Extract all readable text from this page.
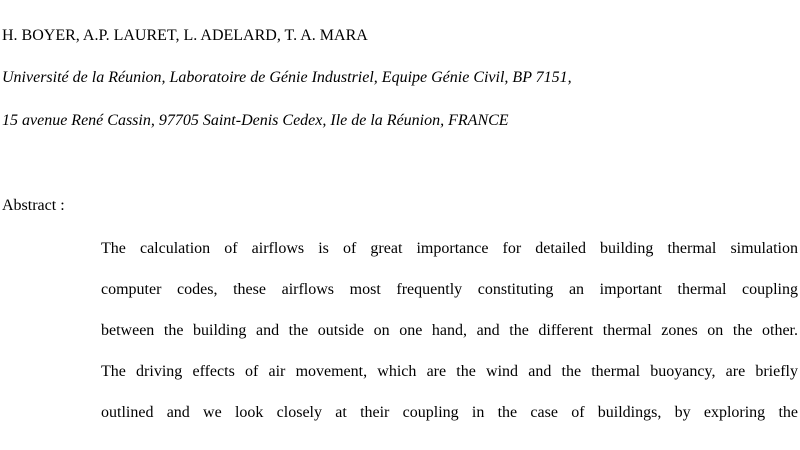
H. BOYER, A.P. LAURET, L. ADELARD, T. A. MARA
Université de la Réunion, Laboratoire de Génie Industriel, Equipe Génie Civil, BP 7151,
15 avenue René Cassin, 97705 Saint-Denis Cedex, Ile de la Réunion, FRANCE
Abstract :
The calculation of airflows is of great importance for detailed building thermal simulation
computer codes, these airflows most frequently constituting an important thermal coupling
between the building and the outside on one hand, and the different thermal zones on the other.
The driving effects of air movement, which are the wind and the thermal buoyancy, are briefly
outlined and we look closely at their coupling in the case of buildings, by exploring the
